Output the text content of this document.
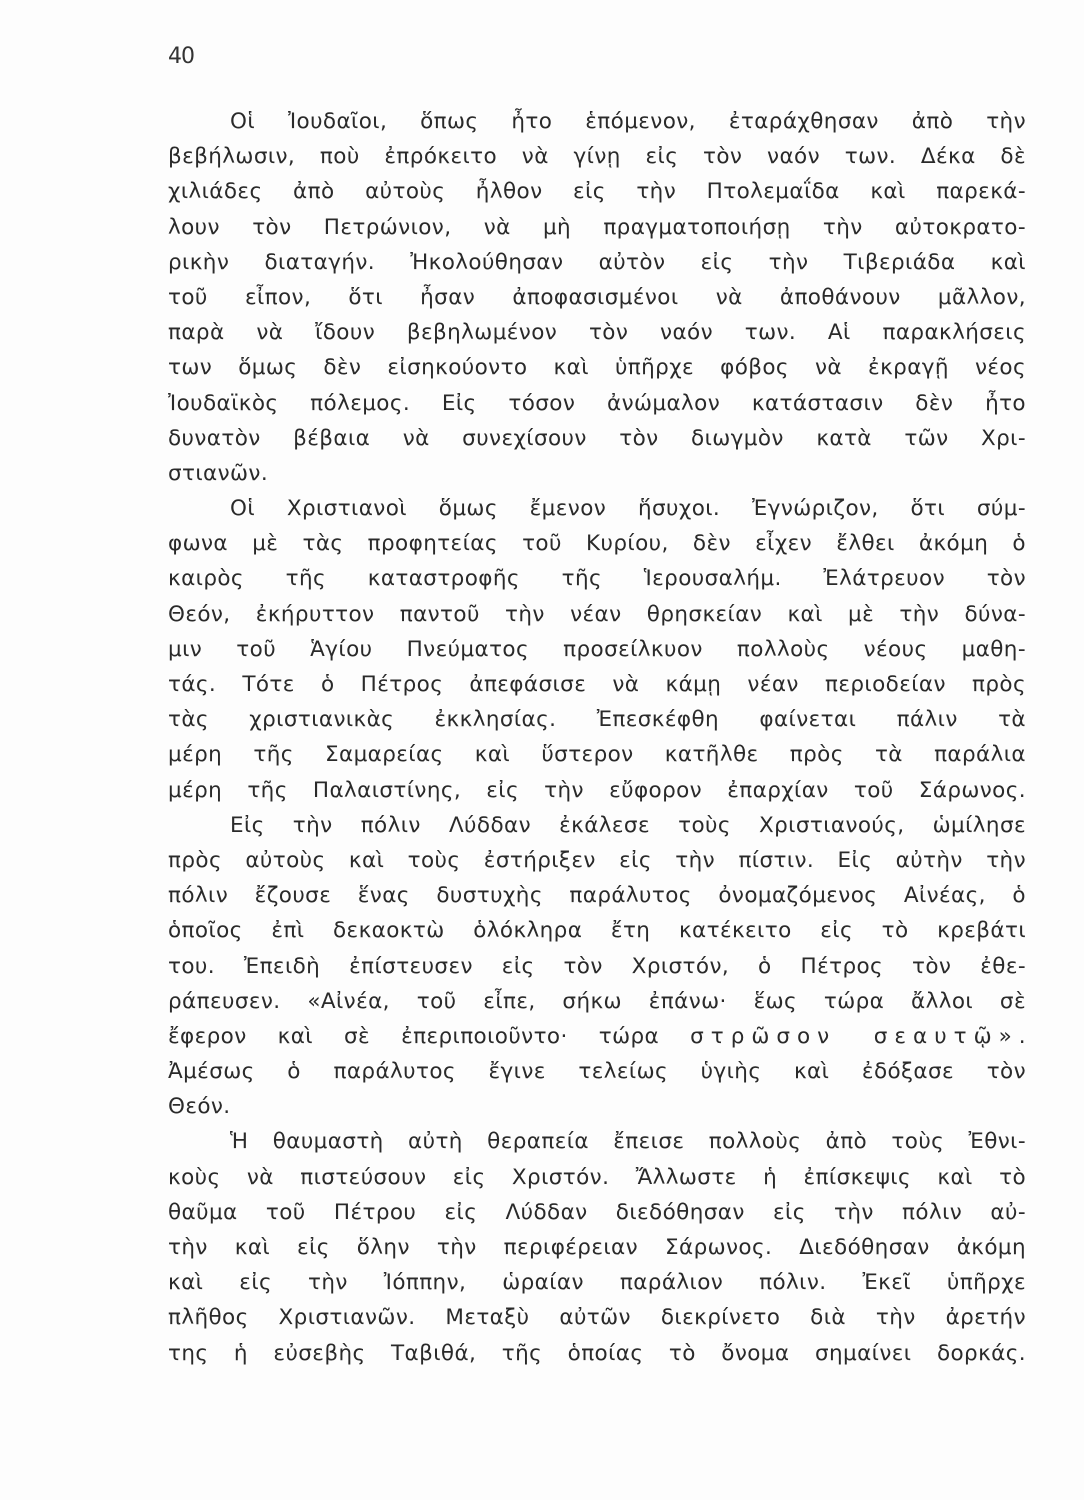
40
Οἱ Ἰουδαῖοι, ὅπως ἦτο ἑπόμενον, ἐταράχθησαν ἀπὸ τὴν
βεβήλωσιν, ποὺ ἐπρόκειτο νὰ γίνῃ εἰς τὸν ναόν των. Δέκα δὲ
χιλιάδες ἀπὸ αὐτοὺς ἦλθον εἰς τὴν Πτολεμαΐδα καὶ παρεκά-
λουν τὸν Πετρώνιον, νὰ μὴ πραγματοποιήσῃ τὴν αὐτοκρατο-
ρικὴν διαταγήν. Ἠκολούθησαν αὐτὸν εἰς τὴν Τιβεριάδα καὶ
τοῦ εἶπον, ὅτι ἦσαν ἀποφασισμένοι νὰ ἀποθάνουν μᾶλλον,
παρὰ νὰ ἴδουν βεβηλωμένον τὸν ναόν των. Αἱ παρακλήσεις
των ὅμως δὲν εἰσηκούοντο καὶ ὑπῆρχε φόβος νὰ ἐκραγῇ νέος
Ἰουδαϊκὸς πόλεμος. Εἰς τόσον ἀνώμαλον κατάστασιν δὲν ἦτο
δυνατὸν βέβαια νὰ συνεχίσουν τὸν διωγμὸν κατὰ τῶν Χρι-
στιανῶν.
Οἱ Χριστιανοὶ ὅμως ἔμενον ἥσυχοι. Ἐγνώριζον, ὅτι σύμ-
φωνα μὲ τὰς προφητείας τοῦ Κυρίου, δὲν εἶχεν ἔλθει ἀκόμη ὁ
καιρὸς τῆς καταστροφῆς τῆς Ἱερουσαλήμ. Ἐλάτρευον τὸν
Θεόν, ἐκήρυττον παντοῦ τὴν νέαν θρησκείαν καὶ μὲ τὴν δύνα-
μιν τοῦ Ἁγίου Πνεύματος προσείλκυον πολλοὺς νέους μαθη-
τάς. Τότε ὁ Πέτρος ἀπεφάσισε νὰ κάμῃ νέαν περιοδείαν πρὸς
τὰς χριστιανικὰς ἐκκλησίας. Ἐπεσκέφθη φαίνεται πάλιν τὰ
μέρη τῆς Σαμαρείας καὶ ὕστερον κατῆλθε πρὸς τὰ παράλια
μέρη τῆς Παλαιστίνης, εἰς τὴν εὔφορον ἐπαρχίαν τοῦ Σάρωνος.
Εἰς τὴν πόλιν Λύδδαν ἐκάλεσε τοὺς Χριστιανούς, ὡμίλησε
πρὸς αὐτοὺς καὶ τοὺς ἐστήριξεν εἰς τὴν πίστιν. Εἰς αὐτὴν τὴν
πόλιν ἔζουσε ἕνας δυστυχὴς παράλυτος ὀνομαζόμενος Αἰνέας, ὁ
ὁποῖος ἐπὶ δεκαοκτὼ ὁλόκληρα ἔτη κατέκειτο εἰς τὸ κρεβάτι
του. Ἐπειδὴ ἐπίστευσεν εἰς τὸν Χριστόν, ὁ Πέτρος τὸν ἐθε-
ράπευσεν. «Αἰνέα, τοῦ εἶπε, σήκω ἐπάνω· ἕως τώρα ἄλλοι σὲ
ἔφερον καὶ σὲ ἐπεριποιοῦντο· τώρα στρῶσον σεαυτῷ».
Ἀμέσως ὁ παράλυτος ἔγινε τελείως ὑγιὴς καὶ ἐδόξασε τὸν
Θεόν.
Ἡ θαυμαστὴ αὐτὴ θεραπεία ἔπεισε πολλοὺς ἀπὸ τοὺς Ἐθνι-
κοὺς νὰ πιστεύσουν εἰς Χριστόν. Ἄλλωστε ἡ ἐπίσκεψις καὶ τὸ
θαῦμα τοῦ Πέτρου εἰς Λύδδαν διεδόθησαν εἰς τὴν πόλιν αὐ-
τὴν καὶ εἰς ὅλην τὴν περιφέρειαν Σάρωνος. Διεδόθησαν ἀκόμη
καὶ εἰς τὴν Ἰόππην, ὡραίαν παράλιον πόλιν. Ἐκεῖ ὑπῆρχε
πλῆθος Χριστιανῶν. Μεταξὺ αὐτῶν διεκρίνετο διὰ τὴν ἀρετήν
της ἡ εὐσεβὴς Ταβιθά, τῆς ὁποίας τὸ ὄνομα σημαίνει δορκάς.
